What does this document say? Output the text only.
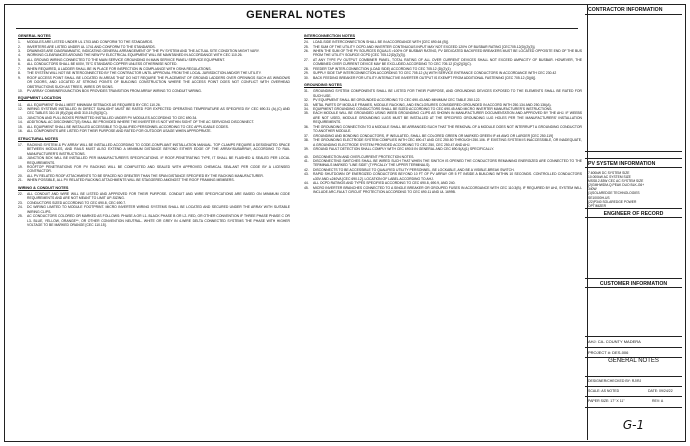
GENERAL NOTES
GENERAL NOTES
1.	MODULES ARE LISTED UNDER UL 1703 AND CONFORM TO THE STANDARDS.
2.	INVERTERS ARE LISTED UNDER UL 1741 AND CONFORM TO THE STANDARDS.
3.	DRAWINGS ARE DIAGRAMMATIC, INDICATING GENERAL ARRANGEMENT OF THE PV SYSTEM AND THE ACTUAL SITE CONDITION MIGHT VARY.
4.	WORKING CLEARANCES AROUND THE NEW PV ELECTRICAL EQUIPMENT WILL BE MAINTAINED IN ACCORDANCE WITH CEC 110.26.
5.	ALL GROUND WIRING CONNECTED TO THE MAIN SERVICE GROUNDING IN MAIN SERVICE PANEL/ SERVICE EQUIPMENT.
6.	ALL CONDUCTORS SHALL BE 600V, 75°C STANDARD COPPER UNLESS OTHERWISE NOTED.
7.	WHEN REQUIRED, A LADDER SHALL BE IN PLACE FOR INSPECTION IN COMPLIANCE WITH OSHA REGULATIONS.
8.	THE SYSTEM WILL NOT BE INTERCONNECTED BY THE CONTRACTOR UNTIL APPROVAL FROM THE LOCAL JURISDICTION AND/OR THE UTILITY.
9.	ROOF ACCESS POINT SHALL BE LOCATED IN AREAS THAT DO NOT REQUIRE THE PLACEMENT OF GROUND LADDERS OVER OPENINGS SUCH AS WINDOWS OR DOORS, AND LOCATED AT STRONG POINTS OF BUILDING CONSTRUCTION WHERE THE ACCESS POINT DOES NOT CONFLICT WITH OVERHEAD OBSTRUCTIONS SUCH AS TREES, WIRES OR SIGNS.
10.	PV ARRAY COMBINER/JUNCTION BOX PROVIDES TRANSITION FROM ARRAY WIRING TO CONDUIT WIRING.
EQUIPMENT LOCATION
11.	ALL EQUIPMENT SHALL MEET MINIMUM SETBACKS AS REQUIRED BY CEC 110.26.
12.	WIRING SYSTEMS INSTALLED IN DIRECT SUNLIGHT MUST BE RATED FOR EXPECTED OPERATING TEMPERATURE AS SPECIFIED BY CEC 690.31 (A),(C) AND CEC TABLES 310.15 (B)(2)(A) AND 310.15 (B)(3)(C).
13.	JUNCTION AND PULL BOXES PERMITTED INSTALLED UNDER PV MODULES ACCORDING TO CEC 690.34.
14.	ADDITIONAL AC DISCONNECT(S) SHALL BE PROVIDED WHERE THE INVERTER IS NOT WITHIN SIGHT OF THE AC SERVICING DISCONNECT.
15.	ALL EQUIPMENT SHALL BE INSTALLED ACCESSIBLE TO QUALIFIED PERSONNEL ACCORDING TO CEC APPLICABLE CODES.
16.	ALL COMPONENTS ARE LISTED FOR THEIR PURPOSE AND RATED FOR OUTDOOR USAGE WHEN APPROPRIATE.
STRUCTURAL NOTES
17.	RACKING SYSTEM & PV ARRAY WILL BE INSTALLED ACCORDING TO CODE-COMPLIANT INSTALLATION MANUAL. TOP CLAMPS REQUIRE A DESIGNATED SPACE BETWEEN MODULES, AND RAILS MUST ALSO EXTEND A MINIMUM DISTANCE BEYOND EITHER EDGE OF THE ARRAY/SUBARRAY, ACCORDING TO RAIL MANUFACTURER'S INSTRUCTIONS.
18.	JUNCTION BOX WILL BE INSTALLED PER MANUFACTURER'S SPECIFICATIONS. IF ROOF-PENETRATING TYPE, IT SHALL BE FLASHED & SEALED PER LOCAL REQUIREMENTS.
19.	ROOFTOP PENETRATIONS FOR PV RACKING WILL BE COMPLETED AND SEALED WITH APPROVED CHEMICAL SEALANT PER CODE BY A LICENSED CONTRACTOR.
20.	ALL PV RELATED ROOF ATTACHMENTS TO BE SPACED NO GREATER THAN THE SPAN DISTANCE SPECIFIED BY THE RACKING MANUFACTURER.
21.	WHEN POSSIBLE, ALL PV RELATED RACKING ATTACHMENTS WILL BE STAGGERED AMONGST THE ROOF FRAMING MEMBERS.
WIRING & CONDUIT NOTES
22.	ALL CONDUIT AND WIRE WILL BE LISTED AND APPROVED FOR THEIR PURPOSE. CONDUIT AND WIRE SPECIFICATIONS ARE BASED ON MINIMUM CODE REQUIREMENTS AND ARE NOT MEANT TO LIMIT UP-SIZING.
23.	CONDUCTORS SIZED ACCORDING TO CEC 690.8, CEC 690.7.
24.	DC WIRING LIMITED TO MODULE FOOTPRINT. MICRO INVERTER WIRING SYSTEMS SHALL BE LOCATED AND SECURED UNDER THE ARRAY WITH SUITABLE WIRING CLIPS.
25.	AC CONDUCTORS COLORED OR MARKED AS FOLLOWS: PHASE A OR L1- BLACK PHASE B OR L2- RED, OR OTHER CONVENTION IF THREE PHASE PHASE C OR L3- BLUE, YELLOW, ORANGE**, OR OTHER CONVENTION NEUTRAL- WHITE OR GREY IN 4-WIRE DELTA CONNECTED SYSTEMS THE PHASE WITH HIGHER VOLTAGE TO BE MARKED ORANGE [CEC 110.15].
INTERCONNECTION NOTES
24.	LOAD-SIDE INTERCONNECTION SHALL BE IN ACCORDANCE WITH [CEC 690.64 (B)].
25.	THE SUM OF THE UTILITY OCPD AND INVERTER CONTINUOUS INPUT MAY NOT EXCEED 120% OF BUSBAR RATING [CEC705.12(D)(2)(3)].
26.	WHEN THE SUM OF THE PV SOURCES EQUALS >100% OF BUSBAR RATING, PV DEDICATED BACKFEED BREAKERS MUST BE LOCATED OPPOSITE END OF THE BUS FROM THE UTILITY SOURCE OCPD [CEC 705.12(D)(2)(3)].
27.	AT ANY TYPE PV OUTPUT COMBINER PANEL, TOTAL RATING OF ALL OVER CURRENT DEVICES SHALL NOT EXCEED AMPACITY OF BUSBAR. HOWEVER, THE COMBINED OVER CURRENT DEVICE MAY BE EXCLUDED ACCORDING TO CEC 705.12 (D)(2)(3)(C).
28.	FEEDER TAP INTER-CONNECTION (LOAD SIDE) ACCORDING TO CEC 705.12 (D)(2)(1)
29.	SUPPLY SIDE TAP INTERCONNECTION ACCORDING TO CEC 705.12 (A) WITH SERVICE ENTRANCE CONDUCTORS IN ACCORDANCE WITH CEC 230.42
30.	BACK FEEDING BREAKER FOR UTILITY-INTERACTIVE INVERTER OUTPUT IS EXEMPT FROM ADDITIONAL FASTENING [CEC 705.12 (D)(6)].
GROUNDING NOTES
31.	GROUNDING SYSTEM COMPONENTS SHALL BE LISTED FOR THEIR PURPOSE, AND GROUNDING DEVICES EXPOSED TO THE ELEMENTS SHALL BE RATED FOR SUCH USE.
32.	PV EQUIPMENT SHALL BE GROUNDED ACCORDING TO CEC 690.43 AND MINIMUM CEC TABLE 250.122.
33.	METAL PARTS OF MODULE FRAMES, MODULE RACKING, AND ENCLOSURES CONSIDERED GROUNDED IN ACCORD WITH 250.134 AND 250.136(A).
34.	EQUIPMENT GROUNDING CONDUCTORS SHALL BE SIZED ACCORDING TO CEC 690.45 AND MICRO INVERTER MANUFACTURER'S INSTRUCTIONS.
35.	EACH MODULE WILL BE GROUNDED USING WEEB GROUNDING CLIPS AS SHOWN IN MANUFACTURER DOCUMENTATION AND APPROVED BY THE AHJ. IF WEEBS ARE NOT USED, MODULE GROUNDING LUGS MUST BE INSTALLED AT THE SPECIFIED GROUNDING LUG HOLES PER THE MANUFACTURERS' INSTALLATION REQUIREMENTS.
36.	THE GROUNDING CONNECTION TO A MODULE SHALL BE ARRANGED SUCH THAT THE REMOVAL OF A MODULE DOES NOT INTERRUPT A GROUNDING CONDUCTOR TO ANOTHER MODULE.
37.	GROUNDING AND BONDING CONDUCTORS, IF INSULATED, SHALL BE COLORED GREEN OR MARKED GREEN IF #4 AWG OR LARGER [CEC 250.119]
38.	THE GROUNDING ELECTRODE SYSTEM COMPLIES WITH CEC 690.47 AND CEC 250.50 THROUGH 250.106. IF EXISTING SYSTEM IS INACCESSIBLE, OR INADEQUATE, A GROUNDING ELECTRODE SYSTEM PROVIDED ACCORDING TO CEC 250, CEC 250.47 AND AHJ.
39.	GROUND FAULT DETECTION SHALL COMPLY WITH CEC 690.5 IN GENERAL AND CEC 690.5(A)(1) SPECIFICALLY.
40.	DISCONNECTION AND OVER-CURRENT PROTECTION NOTES.
41.	DISCONNECTING SWITCHES SHALL BE WIRED SUCH THAT WHEN THE SWITCH IS OPENED THE CONDUCTORS REMAINING ENERGIZED ARE CONNECTED TO THE TERMINALS MARKED "LINE SIDE" (TYPICALLY THE UPPER TERMINALS).
42.	DISCONNECTS TO BE ACCESSIBLE TO QUALIFIED UTILITY PERSONNEL, BE LOCKABLE, AND BE A VISIBLE-BREAK SWITCH.
43.	RAPID SHUTDOWN OF ENERGIZED CONDUCTORS BEYOND 10 FT OF PV ARRAY OR 5 FT INSIDE A BUILDING WITHIN 10 SECONDS. CONTROLLED CONDUCTORS ≤30V AND ≤240VA [CEC 690.12]. LOCATION OF LABEL ACCORDING TO AHJ.
44.	ALL OCPD RATINGS AND TYPES SPECIFIED ACCORDING TO CEC 690.8, 690.9, AND 240.
45.	MICRO INVERTER BRANCHES CONNECTED TO A SINGLE BREAKER OR GROUPED FUSES IN ACCORDANCE WITH CEC 110.3(B). IF REQUIRED BY AHJ, SYSTEM WILL INCLUDE ARC-FAULT CIRCUIT PROTECTION ACCORDING TO CEC 690.11 AND UL 1699B.
CONTRACTOR INFORMATION
PV SYSTEM INFORMATION
7.600kW DC SYSTEM SIZE
10.000kW AC SYSTEM SIZE
MSS8.2.83W CEC AC SYSTEM SIZE
(2)GMHWDM-Q.PEAK DUO BLK-G6+
340W
(1)SOLAREDGE TECHNOLOGIES
SE10000H-US
(22)P340 SOLAREDGE POWER
OPTIMIZER
ENGINEER OF RECORD
CUSTOMER INFORMATION
AHJ: CA- COUNTY MADERA
PROJECT #: DES-006
GENERAL NOTES
DESIGNER/CHECKED BY: RJ/RJ
SCALE: AS NOTED	DATE: 09/24/22
PAPER SIZE: 17" X 11"	REV: A
G-1
